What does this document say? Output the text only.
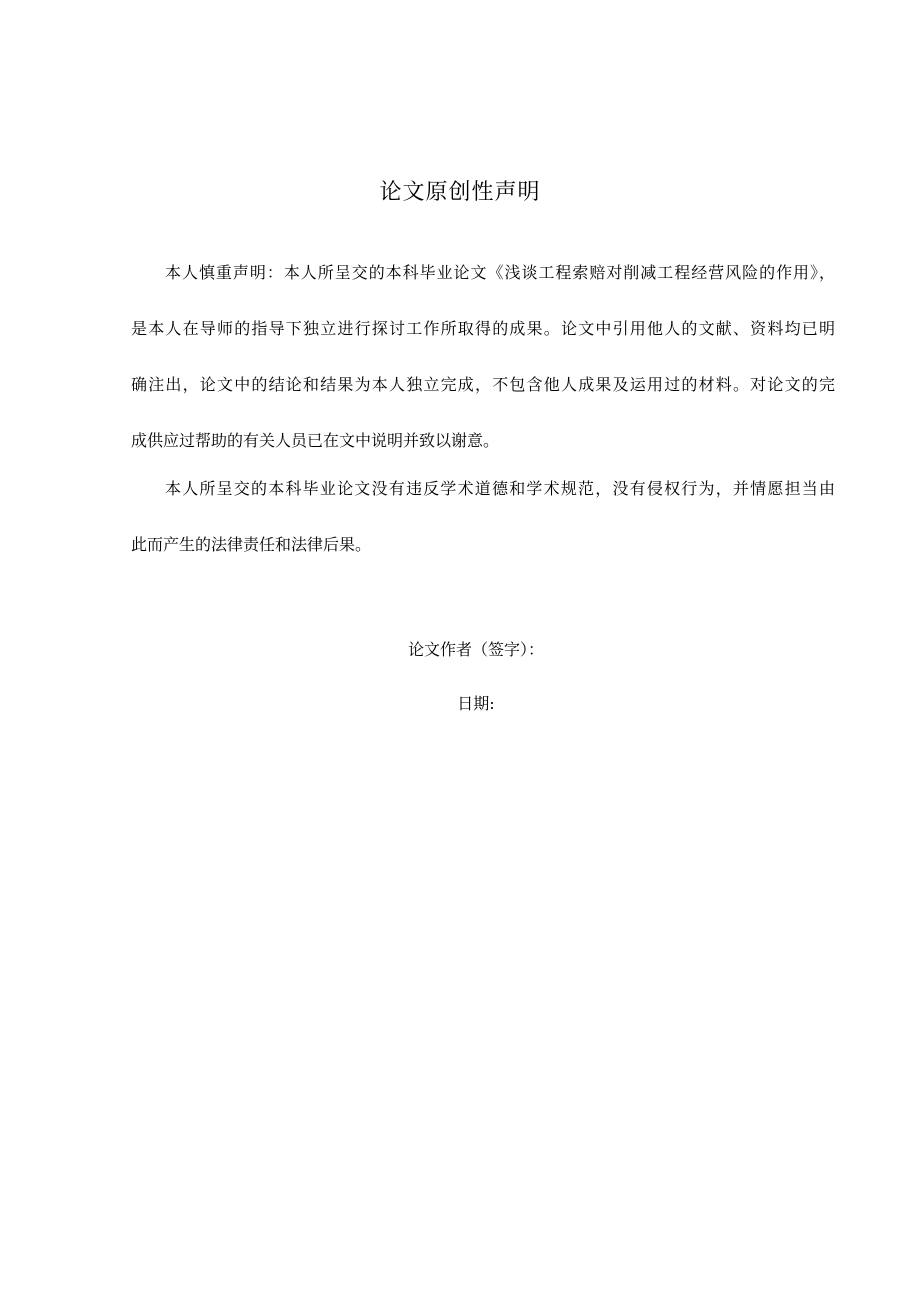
论文原创性声明
本人慎重声明：本人所呈交的本科毕业论文《浅谈工程索赔对削减工程经营风险的作用》，
是本人在导师的指导下独立进行探讨工作所取得的成果。论文中引用他人的文献、资料均已明
确注出，论文中的结论和结果为本人独立完成，不包含他人成果及运用过的材料。对论文的完
成供应过帮助的有关人员已在文中说明并致以谢意。
本人所呈交的本科毕业论文没有违反学术道德和学术规范，没有侵权行为，并情愿担当由
此而产生的法律责任和法律后果。
论文作者（签字）：
日期:
